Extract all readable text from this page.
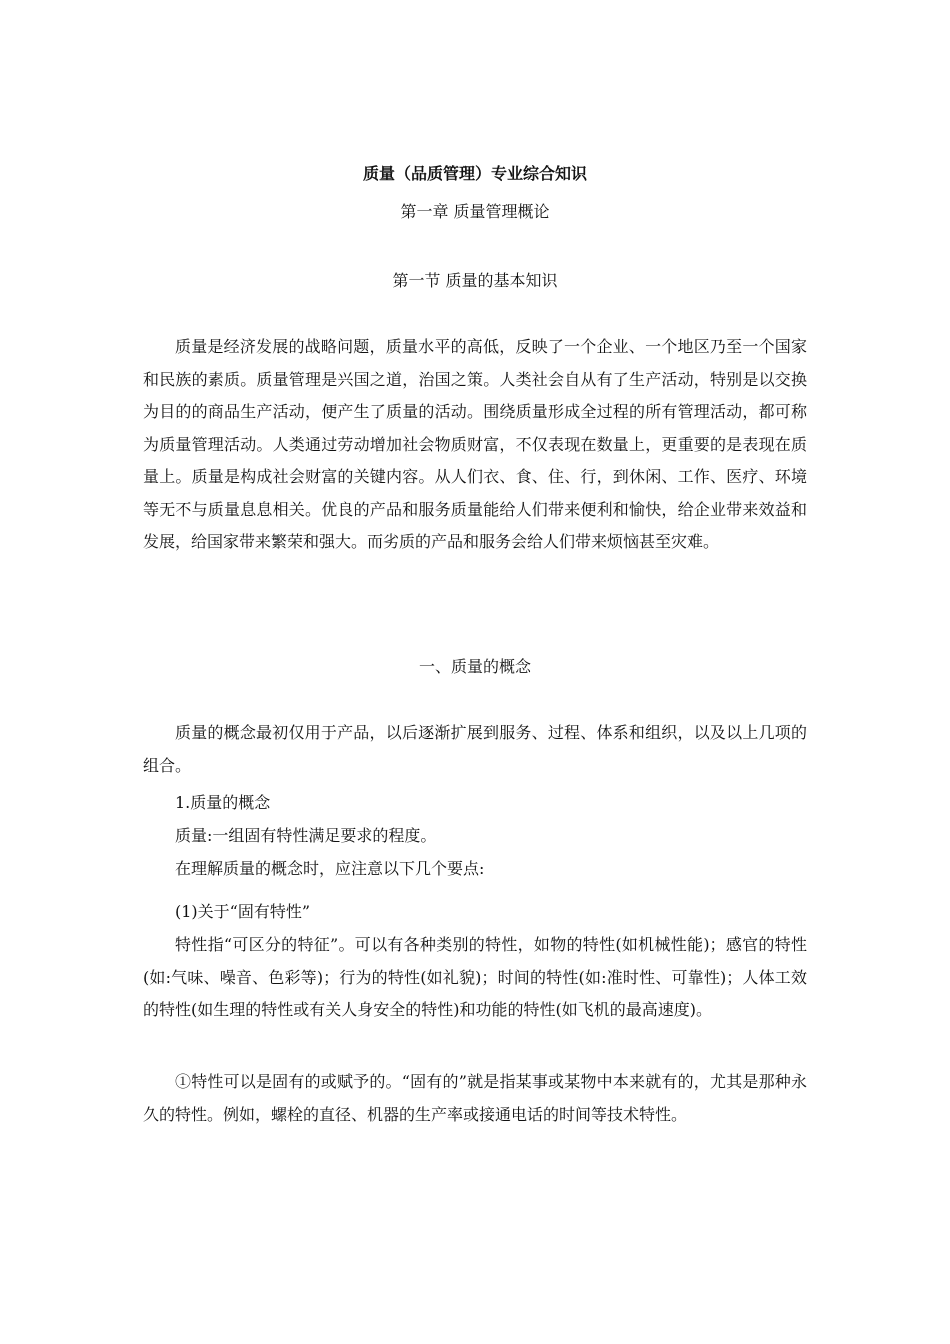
质量（品质管理）专业综合知识
第一章 质量管理概论
第一节 质量的基本知识

质量是经济发展的战略问题，质量水平的高低，反映了一个企业、一个地区乃至一个国家和民族的素质。质量管理是兴国之道，治国之策。人类社会自从有了生产活动，特别是以交换为目的的商品生产活动，便产生了质量的活动。围绕质量形成全过程的所有管理活动，都可称为质量管理活动。人类通过劳动增加社会物质财富，不仅表现在数量上，更重要的是表现在质量上。质量是构成社会财富的关键内容。从人们衣、食、住、行，到休闲、工作、医疗、环境等无不与质量息息相关。优良的产品和服务质量能给人们带来便利和愉快，给企业带来效益和发展，给国家带来繁荣和强大。而劣质的产品和服务会给人们带来烦恼甚至灾难。

一、质量的概念

质量的概念最初仅用于产品，以后逐渐扩展到服务、过程、体系和组织，以及以上几项的组合。

1.质量的概念

质量:一组固有特性满足要求的程度。

在理解质量的概念时，应注意以下几个要点:

(1)关于“固有特性”

特性指“可区分的特征”。可以有各种类别的特性，如物的特性(如机械性能)；感官的特性(如:气味、噪音、色彩等)；行为的特性(如礼貌)；时间的特性(如:准时性、可靠性)；人体工效的特性(如生理的特性或有关人身安全的特性)和功能的特性(如飞机的最高速度)。

①特性可以是固有的或赋予的。“固有的”就是指某事或某物中本来就有的，尤其是那种永久的特性。例如，螺栓的直径、机器的生产率或接通电话的时间等技术特性。
